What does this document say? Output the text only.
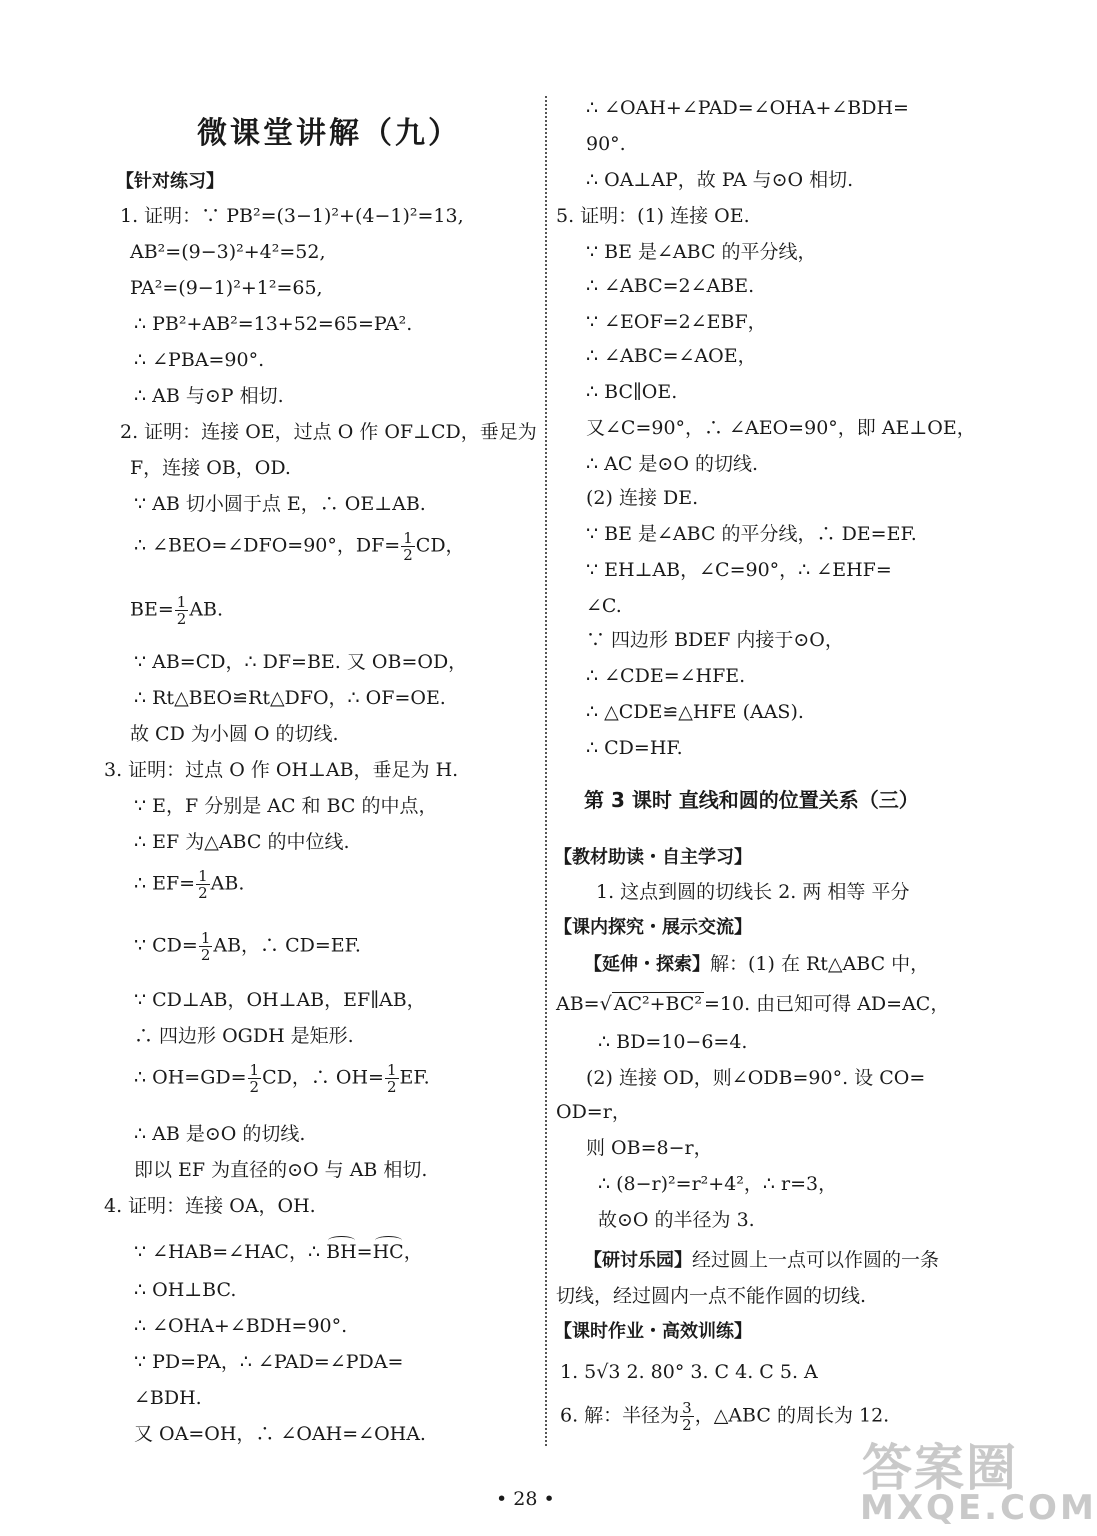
微课堂讲解（九）
【针对练习】
1. 证明：∵ PB²=(3−1)²+(4−1)²=13,
AB²=(9−3)²+4²=52,
PA²=(9−1)²+1²=65,
∴ PB²+AB²=13+52=65=PA².
∴ ∠PBA=90°.
∴ AB 与⊙P 相切.
2. 证明：连接 OE，过点 O 作 OF⊥CD，垂足为
F，连接 OB，OD.
∵ AB 切小圆于点 E，∴ OE⊥AB.
∴ ∠BEO=∠DFO=90°，$DF= \frac{1}{2}$ CD，
$BE= \frac{1}{2}$ AB.
∵ AB=CD，∴ DF=BE. 又 OB=OD，
∴ Rt△BEO≌Rt△DFO，∴ OF=OE.
故 CD 为小圆 O 的切线.
3. 证明：过点 O 作 OH⊥AB，垂足为 H.
∵ E，F 分别是 AC 和 BC 的中点，
∴ EF 为△ABC 的中位线.
∴ $EF= \frac{1}{2}$ AB.
∵ $CD= \frac{1}{2}$ AB，∴ CD=EF.
∵ CD⊥AB，OH⊥AB，EF∥AB，
∴ 四边形 OGDH 是矩形.
∴ $OH=GD= \frac{1}{2}$ CD，∴ $OH= \frac{1}{2}$ EF.
∴ AB 是⊙O 的切线.
即以 EF 为直径的⊙O 与 AB 相切.
4. 证明：连接 OA，OH.
∵ ∠HAB=∠HAC，∴ BH=HC，
∴ OH⊥BC.
∴ ∠OHA+∠BDH=90°.
∵ PD=PA，∴ ∠PAD=∠PDA=
∠BDH.
又 OA=OH，∴ ∠OAH=∠OHA.
∴ ∠OAH+∠PAD=∠OHA+∠BDH=
90°.
∴ OA⊥AP，故 PA 与⊙O 相切.
5. 证明：(1) 连接 OE.
∵ BE 是∠ABC 的平分线，
∴ ∠ABC=2∠ABE.
∵ ∠EOF=2∠EBF，
∴ ∠ABC=∠AOE，
∴ BC∥OE.
又∠C=90°，∴ ∠AEO=90°，即 AE⊥OE，
∴ AC 是⊙O 的切线.
(2) 连接 DE.
∵ BE 是∠ABC 的平分线，∴ DE=EF.
∵ EH⊥AB，∠C=90°，∴ ∠EHF=
∠C.
∵ 四边形 BDEF 内接于⊙O，
∴ ∠CDE=∠HFE.
∴ △CDE≌△HFE (AAS).
∴ CD=HF.
第 3 课时 直线和圆的位置关系（三）
【教材助读・自主学习】
1. 这点到圆的切线长 2. 两 相等 平分
【课内探究・展示交流】
【延伸・探索】解：(1) 在 Rt△ABC 中，
AB=√ AC²+BC² =10. 由已知可得 AD=AC，
∴ BD=10−6=4.
(2) 连接 OD，则∠ODB=90°. 设 CO=
OD=r，
则 OB=8−r，
∴ (8−r)²=r²+4²，∴ r=3，
故⊙O 的半径为 3.
【研讨乐园】经过圆上一点可以作圆的一条
切线，经过圆内一点不能作圆的切线.
【课时作业・高效训练】
1. 5√3 2. 80° 3. C 4. C 5. A
6. 解：半径为 $\frac{3}{2}$ ，△ABC 的周长为 12.
• 28 •
答案圈
MXQE.COM
